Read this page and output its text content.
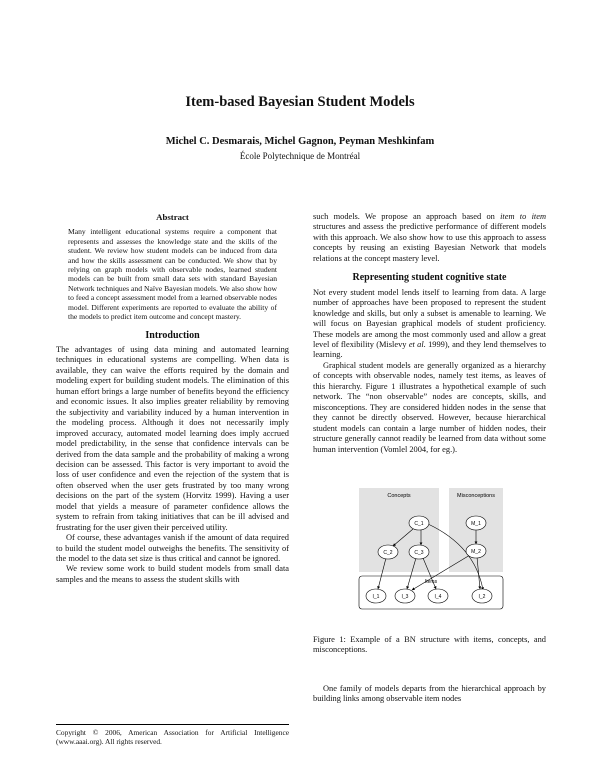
Item-based Bayesian Student Models
Michel C. Desmarais, Michel Gagnon, Peyman Meshkinfam
École Polytechnique de Montréal
Abstract
Many intelligent educational systems require a component that represents and assesses the knowledge state and the skills of the student. We review how student models can be induced from data and how the skills assessment can be conducted. We show that by relying on graph models with observable nodes, learned student models can be built from small data sets with standard Bayesian Network techniques and Naïve Bayesian models. We also show how to feed a concept assessment model from a learned observable nodes model. Different experiments are reported to evaluate the ability of the models to predict item outcome and concept mastery.
Introduction

The advantages of using data mining and automated learning techniques in educational systems are compelling. When data is available, they can waive the efforts required by the domain and modeling expert for building student models. The elimination of this human effort brings a large number of benefits beyond the efficiency and economic issues. It also implies greater reliability by removing the subjectivity and variability induced by a human intervention in the modeling process. Although it does not necessarily imply improved accuracy, automated model learning does imply accrued model predictability, in the sense that confidence intervals can be derived from the data sample and the probability of making a wrong decision can be assessed. This factor is very important to avoid the loss of user confidence and even the rejection of the system that is often observed when the user gets frustrated by too many wrong decisions on the part of the system (Horvitz 1999). Having a user model that yields a measure of parameter confidence allows the system to refrain from taking initiatives that can be ill advised and frustrating for the user given their perceived utility.

Of course, these advantages vanish if the amount of data required to build the student model outweighs the benefits. The sensitivity of the model to the data set size is thus critical and cannot be ignored.

We review some work to build student models from small data samples and the means to assess the student skills with

Copyright © 2006, American Association for Artificial Intelligence (www.aaai.org). All rights reserved.

such models. We propose an approach based on item to item structures and assess the predictive performance of different models with this approach. We also show how to use this approach to assess concepts by reusing an existing Bayesian Network that models relations at the concept mastery level.

Representing student cognitive state

Not every student model lends itself to learning from data. A large number of approaches have been proposed to represent the student knowledge and skills, but only a subset is amenable to learning. We will focus on Bayesian graphical models of student proficiency. These models are among the most commonly used and allow a great level of flexibility (Mislevy et al. 1999), and they lend themselves to learning.

Graphical student models are generally organized as a hierarchy of concepts with observable nodes, namely test items, as leaves of this hierarchy. Figure 1 illustrates a hypothetical example of such network. The “non observable” nodes are concepts, skills, and misconceptions. They are considered hidden nodes in the sense that they cannot be directly observed. However, because hierarchical student models can contain a large number of hidden nodes, their structure generally cannot readily be learned from data without some human intervention (Vomlel 2004, for eg.).

Concepts	Misconceptions
Items
C_1
C_2	C_3
M_1
M_2
I_1	I_3	I_4	I_2
Figure 1: Example of a BN structure with items, concepts, and misconceptions.
One family of models departs from the hierarchical approach by building links among observable item nodes
